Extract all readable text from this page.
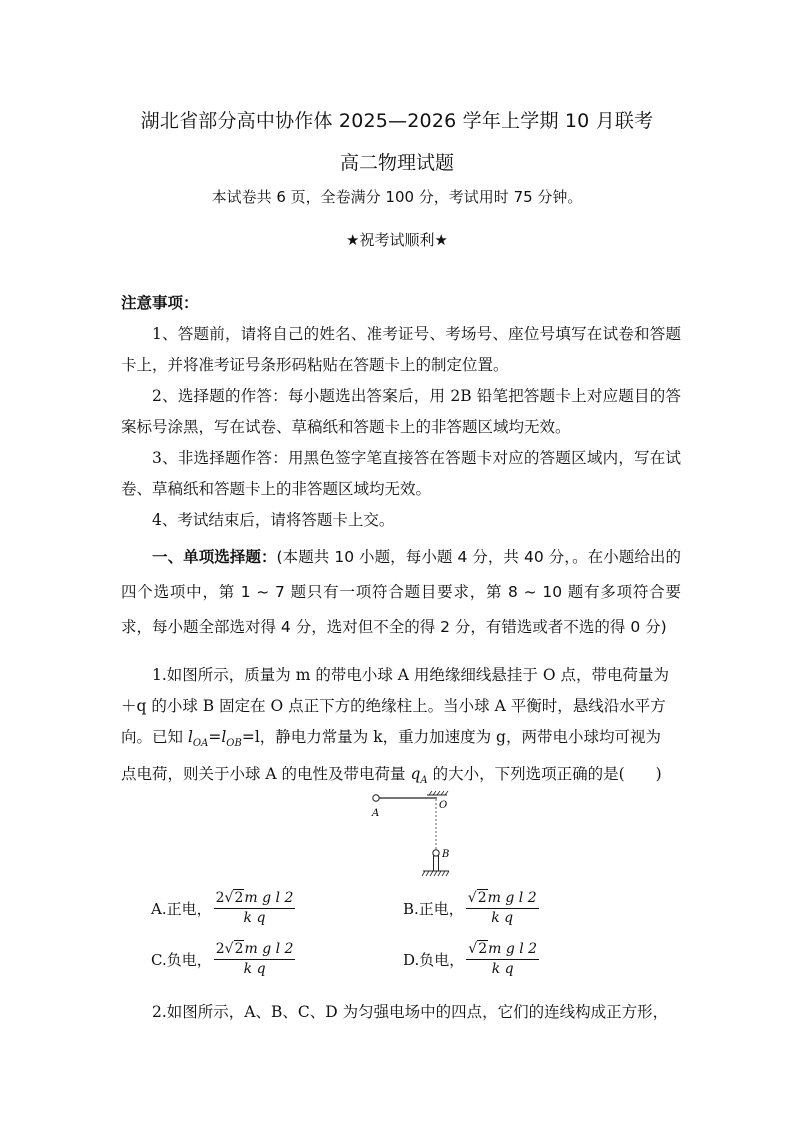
湖北省部分高中协作体 2025—2026 学年上学期 10 月联考
高二物理试题
本试卷共 6 页，全卷满分 100 分，考试用时 75 分钟。
★祝考试顺利★

注意事项：

1、答题前，请将自己的姓名、准考证号、考场号、座位号填写在试卷和答题卡上，并将准考证号条形码粘贴在答题卡上的制定位置。

2、选择题的作答：每小题选出答案后，用 2B 铅笔把答题卡上对应题目的答案标号涂黑，写在试卷、草稿纸和答题卡上的非答题区域均无效。

3、非选择题作答：用黑色签字笔直接答在答题卡对应的答题区域内，写在试卷、草稿纸和答题卡上的非答题区域均无效。

4、考试结束后，请将答题卡上交。

一、单项选择题：(本题共 10 小题，每小题 4 分，共 40 分，。在小题给出的四个选项中，第 1 ~ 7 题只有一项符合题目要求，第 8 ~ 10 题有多项符合要求，每小题全部选对得 4 分，选对但不全的得 2 分，有错选或者不选的得 0 分)

1.如图所示，质量为 m 的带电小球 A 用绝缘细线悬挂于 O 点，带电荷量为

＋q 的小球 B 固定在 O 点正下方的绝缘柱上。当小球 A 平衡时，悬线沿水平方

向。已知 $l_{OA}=l_{OB}=l$，静电力常量为 k，重力加速度为 g，两带电小球均可视为

点电荷，则关于小球 A 的电性及带电荷量 $q_A$ 的大小，下列选项正确的是(　　)

A
O
B
A.正电， $\frac{\text{2√2m g l 2}}{\text{k q}}$	B.正电， $\frac{\text{√2m g l 2}}{\text{k q}}$
C.负电， $\frac{\text{2√2m g l 2}}{\text{k q}}$	D.负电， $\frac{\text{√2m g l 2}}{\text{k q}}$

2.如图所示，A、B、C、D 为匀强电场中的四点，它们的连线构成正方形，
